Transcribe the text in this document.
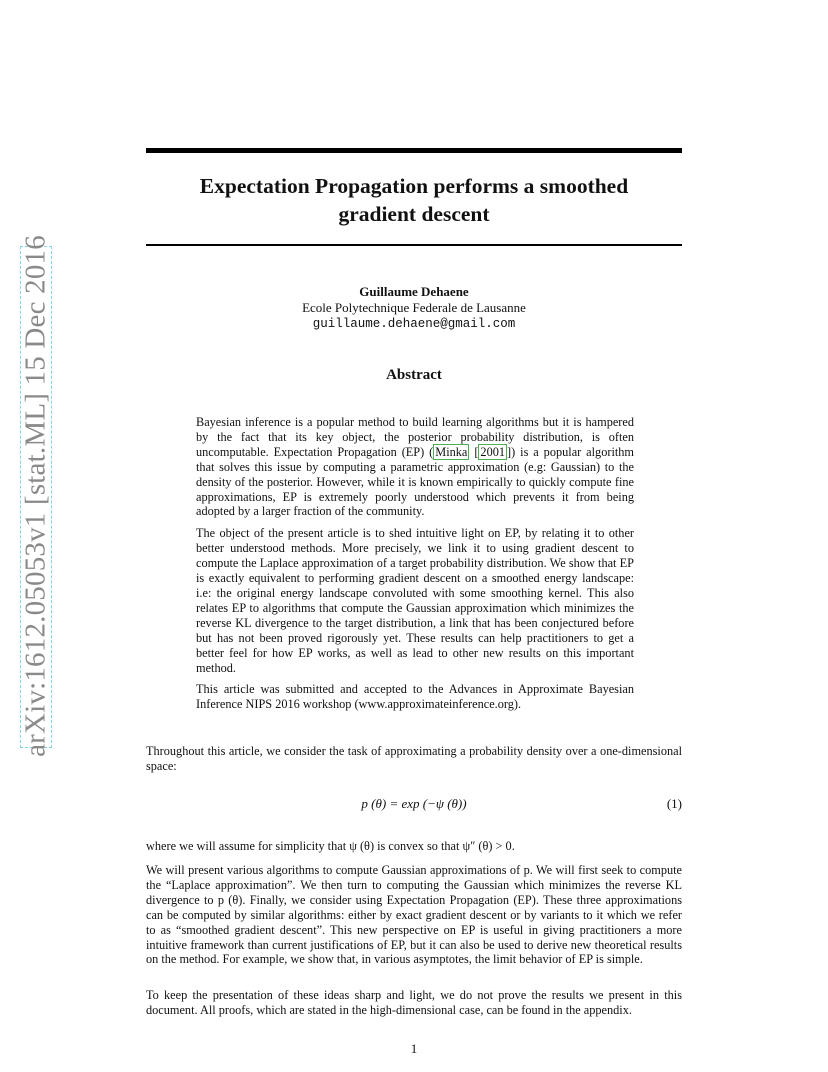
arXiv:1612.05053v1 [stat.ML] 15 Dec 2016
Expectation Propagation performs a smoothed
gradient descent
Guillaume Dehaene
Ecole Polytechnique Federale de Lausanne
guillaume.dehaene@gmail.com
Abstract

Bayesian inference is a popular method to build learning algorithms but it is hampered by the fact that its key object, the posterior probability distribution, is often uncomputable. Expectation Propagation (EP) ( Minka [ 2001 ]) is a popular algorithm that solves this issue by computing a parametric approximation (e.g: Gaussian) to the density of the posterior. However, while it is known empirically to quickly compute fine approximations, EP is extremely poorly understood which prevents it from being adopted by a larger fraction of the community.

The object of the present article is to shed intuitive light on EP, by relating it to other better understood methods. More precisely, we link it to using gradient descent to compute the Laplace approximation of a target probability distribution. We show that EP is exactly equivalent to performing gradient descent on a smoothed energy landscape: i.e: the original energy landscape convoluted with some smoothing kernel. This also relates EP to algorithms that compute the Gaussian approximation which minimizes the reverse KL divergence to the target distribution, a link that has been conjectured before but has not been proved rigorously yet. These results can help practitioners to get a better feel for how EP works, as well as lead to other new results on this important method.

This article was submitted and accepted to the Advances in Approximate Bayesian Inference NIPS 2016 workshop (www.approximateinference.org).

Throughout this article, we consider the task of approximating a probability density over a one-dimensional space:

p (θ) = exp (−ψ (θ))	(1)

where we will assume for simplicity that ψ (θ) is convex so that ψ″ (θ) > 0.

We will present various algorithms to compute Gaussian approximations of p. We will first seek to compute the “Laplace approximation”. We then turn to computing the Gaussian which minimizes the reverse KL divergence to p (θ). Finally, we consider using Expectation Propagation (EP). These three approximations can be computed by similar algorithms: either by exact gradient descent or by variants to it which we refer to as “smoothed gradient descent”. This new perspective on EP is useful in giving practitioners a more intuitive framework than current justifications of EP, but it can also be used to derive new theoretical results on the method. For example, we show that, in various asymptotes, the limit behavior of EP is simple.

To keep the presentation of these ideas sharp and light, we do not prove the results we present in this document. All proofs, which are stated in the high-dimensional case, can be found in the appendix.

1
